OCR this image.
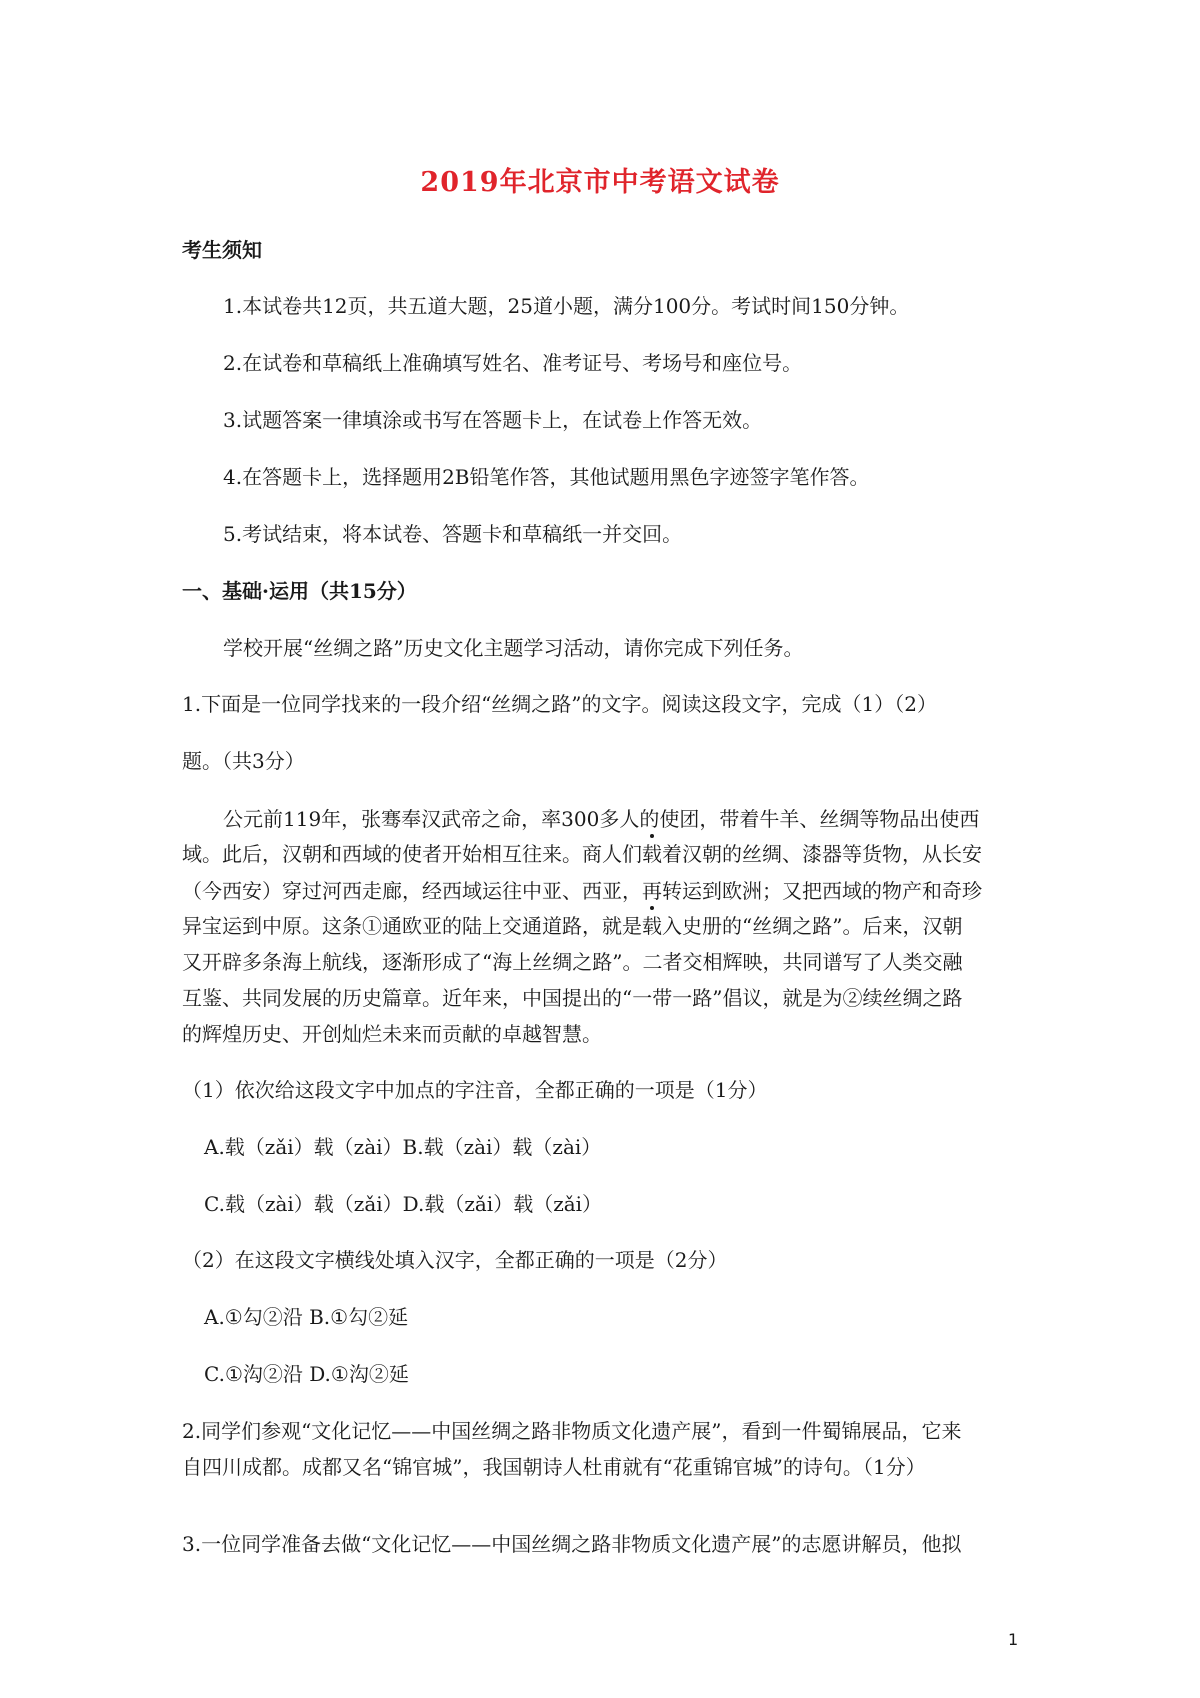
2019年北京市中考语文试卷
考生须知
1.本试卷共12页，共五道大题，25道小题，满分100分。考试时间150分钟。
2.在试卷和草稿纸上准确填写姓名、准考证号、考场号和座位号。
3.试题答案一律填涂或书写在答题卡上，在试卷上作答无效。
4.在答题卡上，选择题用2B铅笔作答，其他试题用黑色字迹签字笔作答。
5.考试结束，将本试卷、答题卡和草稿纸一并交回。
一、基础·运用（共15分）
学校开展“丝绸之路”历史文化主题学习活动，请你完成下列任务。
1.下面是一位同学找来的一段介绍“丝绸之路”的文字。阅读这段文字，完成（1）（2）
题。（共3分）
公元前119年，张骞奉汉武帝之命，率300多人的使团，带着牛羊、丝绸等物品出使西
域。此后，汉朝和西域的使者开始相互往来。商人们载着汉朝的丝绸、漆器等货物，从长安
（今西安）穿过河西走廊，经西域运往中亚、西亚，再转运到欧洲；又把西域的物产和奇珍
异宝运到中原。这条①通欧亚的陆上交通道路，就是载入史册的“丝绸之路”。后来，汉朝
又开辟多条海上航线，逐渐形成了“海上丝绸之路”。二者交相辉映，共同谱写了人类交融
互鉴、共同发展的历史篇章。近年来，中国提出的“一带一路”倡议，就是为②续丝绸之路
的辉煌历史、开创灿烂未来而贡献的卓越智慧。
（1）依次给这段文字中加点的字注音，全都正确的一项是（1分）
A.载（zǎi）载（zài）B.载（zài）载（zài）
C.载（zài）载（zǎi）D.载（zǎi）载（zǎi）
（2）在这段文字横线处填入汉字，全都正确的一项是（2分）
A.①勾②沿 B.①勾②延
C.①沟②沿 D.①沟②延
2.同学们参观“文化记忆——中国丝绸之路非物质文化遗产展”，看到一件蜀锦展品，它来
自四川成都。成都又名“锦官城”，我国朝诗人杜甫就有“花重锦官城”的诗句。（1分）
3.一位同学准备去做“文化记忆——中国丝绸之路非物质文化遗产展”的志愿讲解员，他拟
1
